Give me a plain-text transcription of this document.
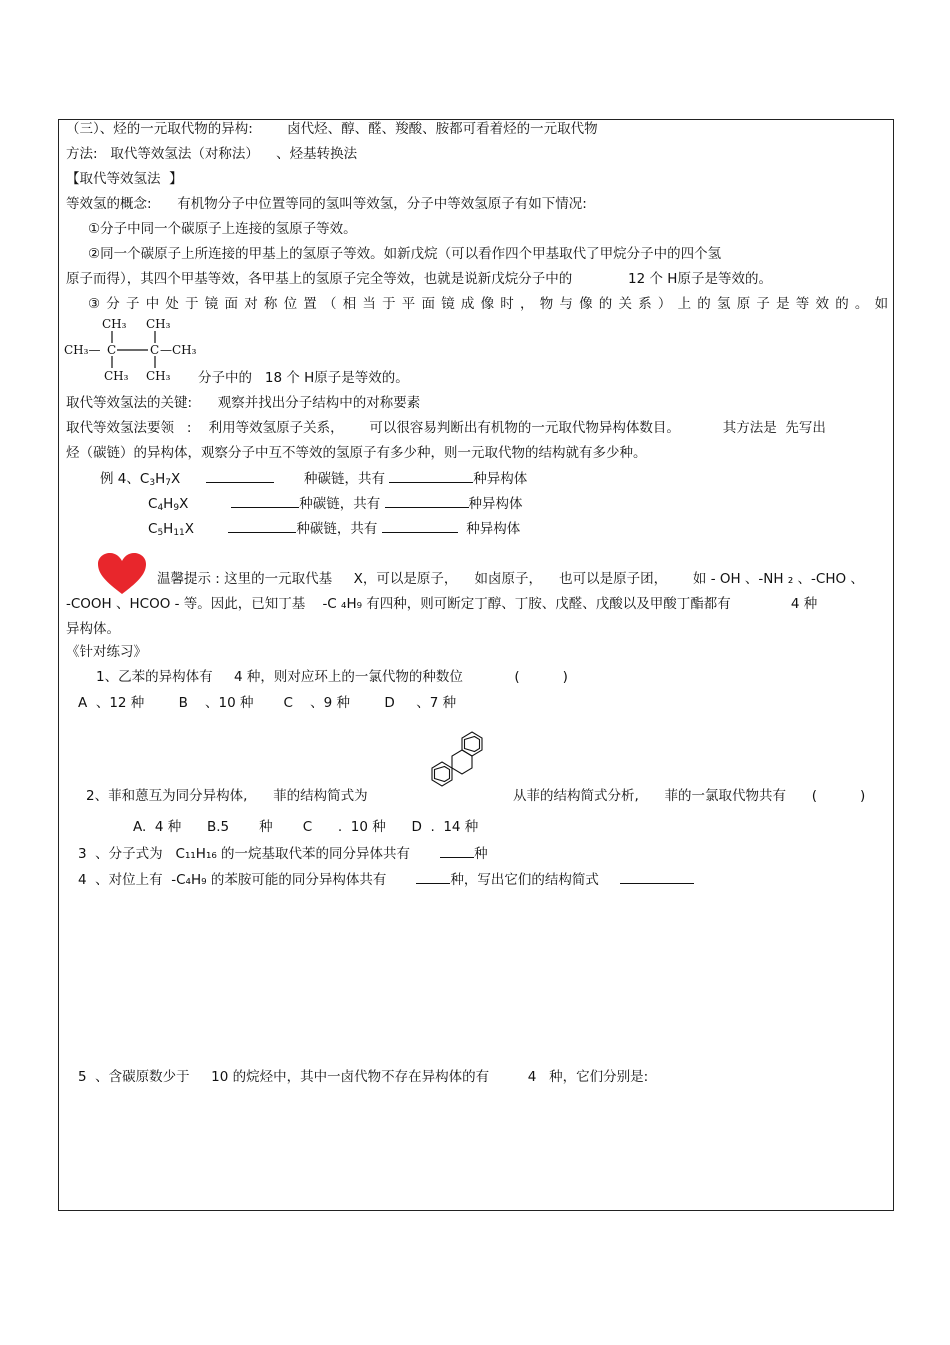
（三）、烃的一元取代物的异构:        卤代烃、醇、醛、羧酸、胺都可看着烃的一元取代物
方法:   取代等效氢法（对称法）    、烃基转换法
【取代等效氢法  】
等效氢的概念:      有机物分子中位置等同的氢叫等效氢，分子中等效氢原子有如下情况:
①分子中同一个碳原子上连接的氢原子等效。
②同一个碳原子上所连接的甲基上的氢原子等效。如新戊烷（可以看作四个甲基取代了甲烷分子中的四个氢
原子而得），其四个甲基等效，各甲基上的氢原子完全等效，也就是说新戊烷分子中的             12 个 H原子是等效的。
③分子中处于镜面对称位置（相当于平面镜成像时，物与像的关系）上的氢原子是等效的。如
CH₃ CH₃
CH₃— C	C —CH₃
CH₃ CH₃ 分子中的   18 个 H原子是等效的。
取代等效氢法的关键:      观察并找出分子结构中的对称要素
取代等效氢法要领   :    利用等效氢原子关系，      可以很容易判断出有机物的一元取代物异构体数目。          其方法是  先写出
烃（碳链）的异构体，观察分子中互不等效的氢原子有多少种，则一元取代物的结构就有多少种。
例 4、$C_3H_7X$	种碳链，共有	种异构体
$C_4H_9X$	种碳链，共有	种异构体
$C_5H_{11}X$	种碳链，共有	种异构体
温馨提示 : 这里的一元取代基     X，可以是原子，    如卤原子，    也可以是原子团，      如 - OH 、-NH ₂ 、-CHO 、
-COOH 、HCOO - 等。因此，已知丁基    -C ₄H₉ 有四种，则可断定丁醇、丁胺、戊醛、戊酸以及甲酸丁酯都有              4 种
异构体。
《针对练习》
1、乙苯的异构体有     4 种，则对应环上的一氯代物的种数位            (          )
A  、12 种        B    、10 种       C    、9 种        D     、7 种
2、菲和蒽互为同分异构体,      菲的结构简式为	从菲的结构简式分析,      菲的一氯取代物共有      (          )
A.  4 种      B.5       种       C      .  10 种      D  .  14 种
3  、分子式为   C₁₁H₁₆ 的一烷基取代苯的同分异体共有	种
4  、对位上有  -C₄H₉ 的苯胺可能的同分异构体共有	种，写出它们的结构简式
5  、含碳原数少于     10 的烷烃中，其中一卤代物不存在异构体的有         4   种，它们分别是:
